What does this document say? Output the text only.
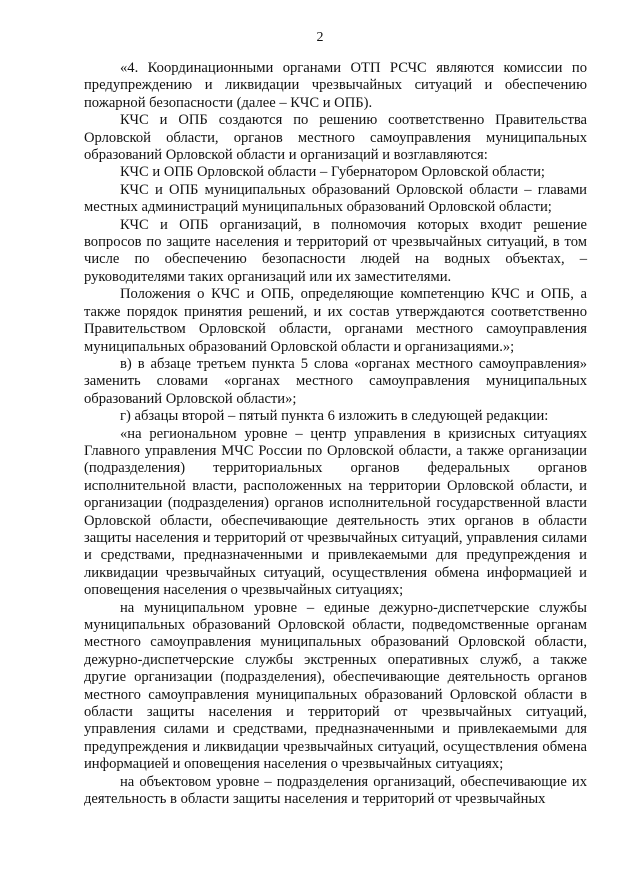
2

«4. Координационными органами ОТП РСЧС являются комиссии по предупреждению и ликвидации чрезвычайных ситуаций и обеспечению пожарной безопасности (далее – КЧС и ОПБ).

КЧС и ОПБ создаются по решению соответственно Правительства Орловской области, органов местного самоуправления муниципальных образований Орловской области и организаций и возглавляются:

КЧС и ОПБ Орловской области – Губернатором Орловской области;

КЧС и ОПБ муниципальных образований Орловской области – главами местных администраций муниципальных образований Орловской области;

КЧС и ОПБ организаций, в полномочия которых входит решение вопросов по защите населения и территорий от чрезвычайных ситуаций, в том числе по обеспечению безопасности людей на водных объектах, – руководителями таких организаций или их заместителями.

Положения о КЧС и ОПБ, определяющие компетенцию КЧС и ОПБ, а также порядок принятия решений, и их состав утверждаются соответственно Правительством Орловской области, органами местного самоуправления муниципальных образований Орловской области и организациями.»;

в) в абзаце третьем пункта 5 слова «органах местного самоуправления» заменить словами «органах местного самоуправления муниципальных образований Орловской области»;

г) абзацы второй – пятый пункта 6 изложить в следующей редакции:

«на региональном уровне – центр управления в кризисных ситуациях Главного управления МЧС России по Орловской области, а также организации (подразделения) территориальных органов федеральных органов исполнительной власти, расположенных на территории Орловской области, и организации (подразделения) органов исполнительной государственной власти Орловской области, обеспечивающие деятельность этих органов в области защиты населения и территорий от чрезвычайных ситуаций, управления силами и средствами, предназначенными и привлекаемыми для предупреждения и ликвидации чрезвычайных ситуаций, осуществления обмена информацией и оповещения населения о чрезвычайных ситуациях;

на муниципальном уровне – единые дежурно-диспетчерские службы муниципальных образований Орловской области, подведомственные органам местного самоуправления муниципальных образований Орловской области, дежурно-диспетчерские службы экстренных оперативных служб, а также другие организации (подразделения), обеспечивающие деятельность органов местного самоуправления муниципальных образований Орловской области в области защиты населения и территорий от чрезвычайных ситуаций, управления силами и средствами, предназначенными и привлекаемыми для предупреждения и ликвидации чрезвычайных ситуаций, осуществления обмена информацией и оповещения населения о чрезвычайных ситуациях;

на объектовом уровне – подразделения организаций, обеспечивающие их деятельность в области защиты населения и территорий от чрезвычайных
